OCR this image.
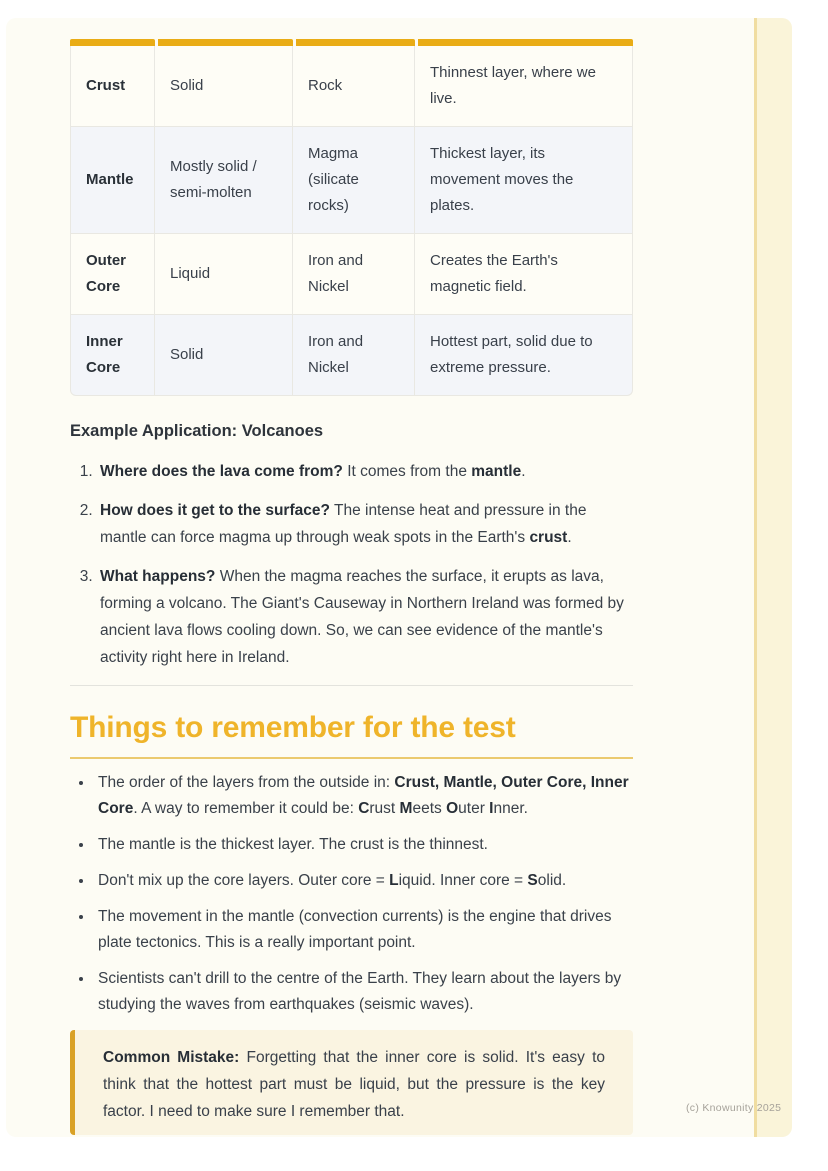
Crust	Solid	Rock	Thinnest layer, where we live.
Mantle	Mostly solid / semi-molten	Magma (silicate rocks)	Thickest layer, its movement moves the plates.
Outer Core	Liquid	Iron and Nickel	Creates the Earth's magnetic field.
Inner Core	Solid	Iron and Nickel	Hottest part, solid due to extreme pressure.
Example Application: Volcanoes
1. Where does the lava come from? It comes from the mantle.
2. How does it get to the surface? The intense heat and pressure in the mantle can force magma up through weak spots in the Earth's crust.
3. What happens? When the magma reaches the surface, it erupts as lava, forming a volcano. The Giant's Causeway in Northern Ireland was formed by ancient lava flows cooling down. So, we can see evidence of the mantle's activity right here in Ireland.
Things to remember for the test
• The order of the layers from the outside in: Crust, Mantle, Outer Core, Inner Core. A way to remember it could be: Crust Meets Outer Inner.
• The mantle is the thickest layer. The crust is the thinnest.
• Don't mix up the core layers. Outer core = Liquid. Inner core = Solid.
• The movement in the mantle (convection currents) is the engine that drives plate tectonics. This is a really important point.
• Scientists can't drill to the centre of the Earth. They learn about the layers by studying the waves from earthquakes (seismic waves).

Common Mistake: Forgetting that the inner core is solid. It's easy to think that the hottest part must be liquid, but the pressure is the key factor. I need to make sure I remember that.	(c) Knowunity 2025
